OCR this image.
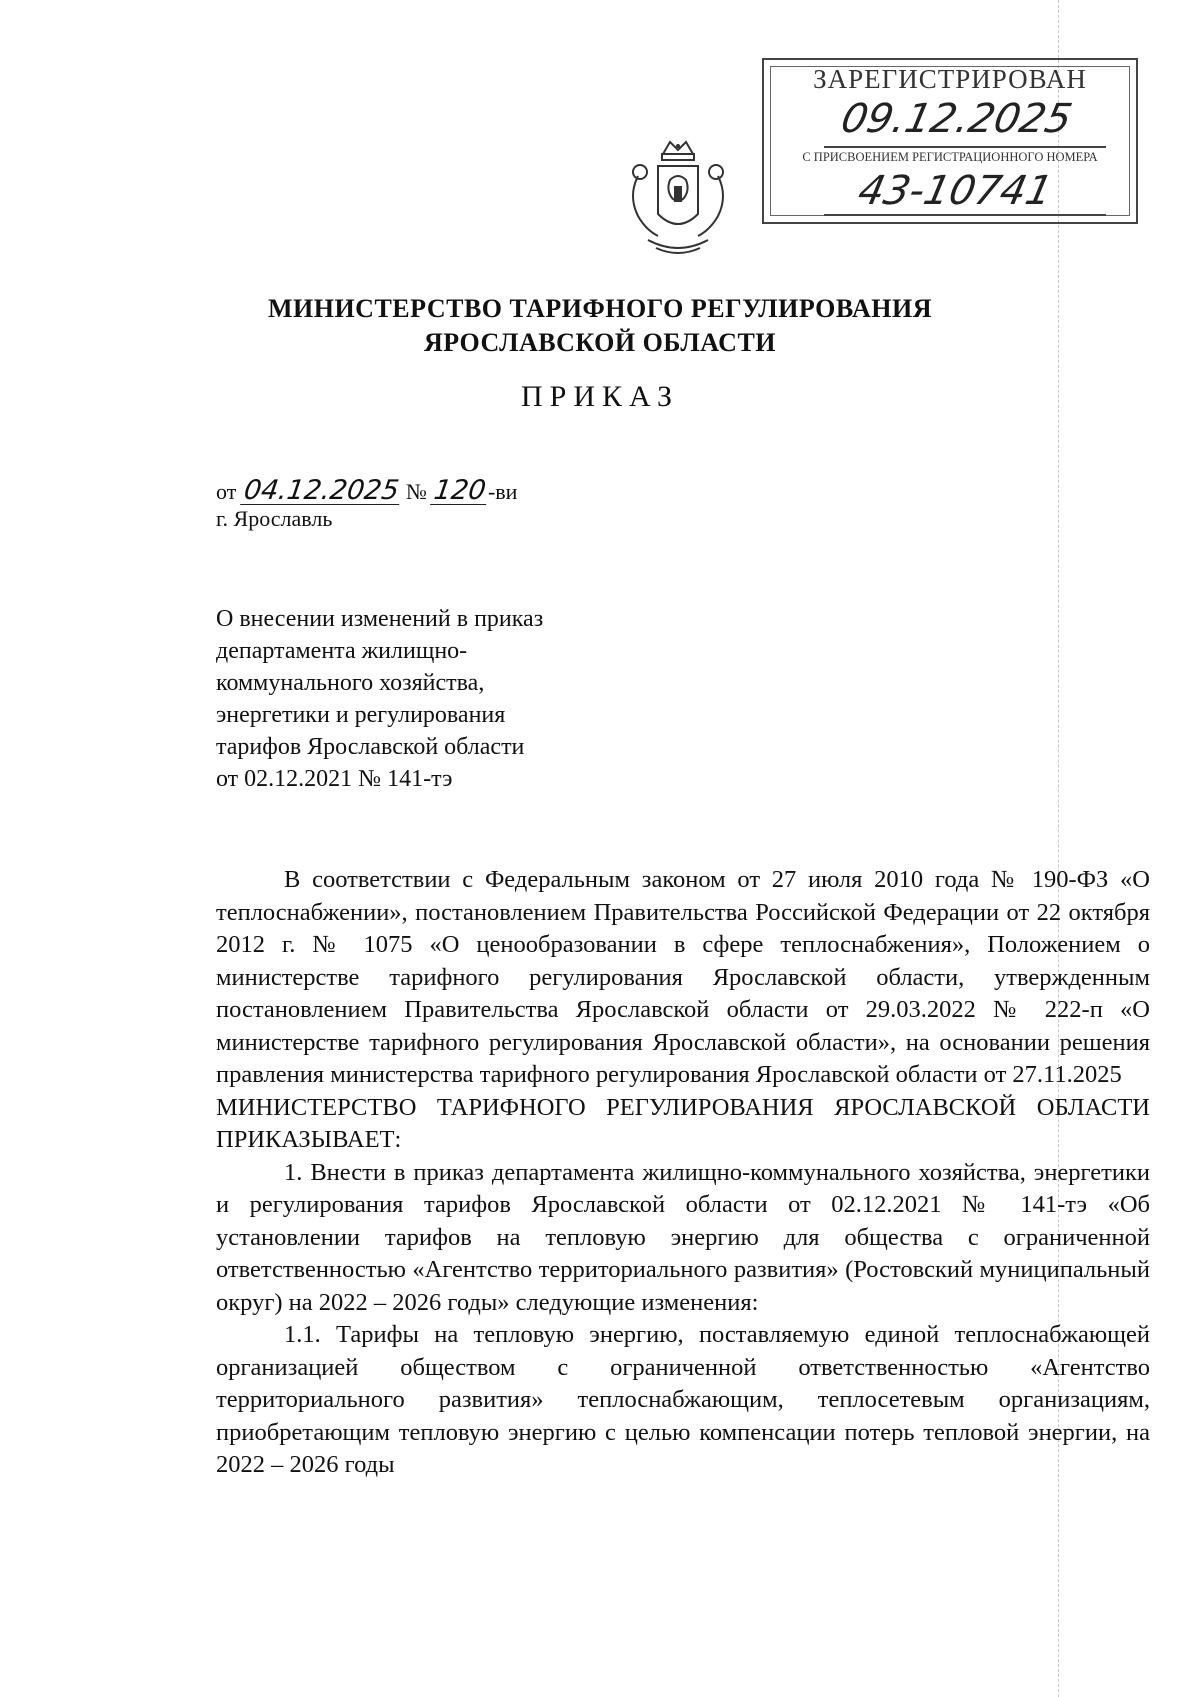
ЗАРЕГИСТРИРОВАН
09.12.2025
С ПРИСВОЕНИЕМ РЕГИСТРАЦИОННОГО НОМЕРА
43-10741
МИНИСТЕРСТВО ТАРИФНОГО РЕГУЛИРОВАНИЯ
ЯРОСЛАВСКОЙ ОБЛАСТИ
ПРИКАЗ
от 04.12.2025 № 120-ви
г. Ярославль
О внесении изменений в приказ
департамента жилищно-
коммунального хозяйства,
энергетики и регулирования
тарифов Ярославской области
от 02.12.2021 № 141-тэ

В соответствии с Федеральным законом от 27 июля 2010 года № 190-ФЗ «О теплоснабжении», постановлением Правительства Российской Федерации от 22 октября 2012 г. № 1075 «О ценообразовании в сфере теплоснабжения», Положением о министерстве тарифного регулирования Ярославской области, утвержденным постановлением Правительства Ярославской области от 29.03.2022 № 222-п «О министерстве тарифного регулирования Ярославской области», на основании решения правления министерства тарифного регулирования Ярославской области от 27.11.2025

МИНИСТЕРСТВО ТАРИФНОГО РЕГУЛИРОВАНИЯ ЯРОСЛАВСКОЙ ОБЛАСТИ ПРИКАЗЫВАЕТ:

1. Внести в приказ департамента жилищно-коммунального хозяйства, энергетики и регулирования тарифов Ярославской области от 02.12.2021 № 141-тэ «Об установлении тарифов на тепловую энергию для общества с ограниченной ответственностью «Агентство территориального развития» (Ростовский муниципальный округ) на 2022 – 2026 годы» следующие изменения:

1.1. Тарифы на тепловую энергию, поставляемую единой теплоснабжающей организацией обществом с ограниченной ответственностью «Агентство территориального развития» теплоснабжающим, теплосетевым организациям, приобретающим тепловую энергию с целью компенсации потерь тепловой энергии, на 2022 – 2026 годы
